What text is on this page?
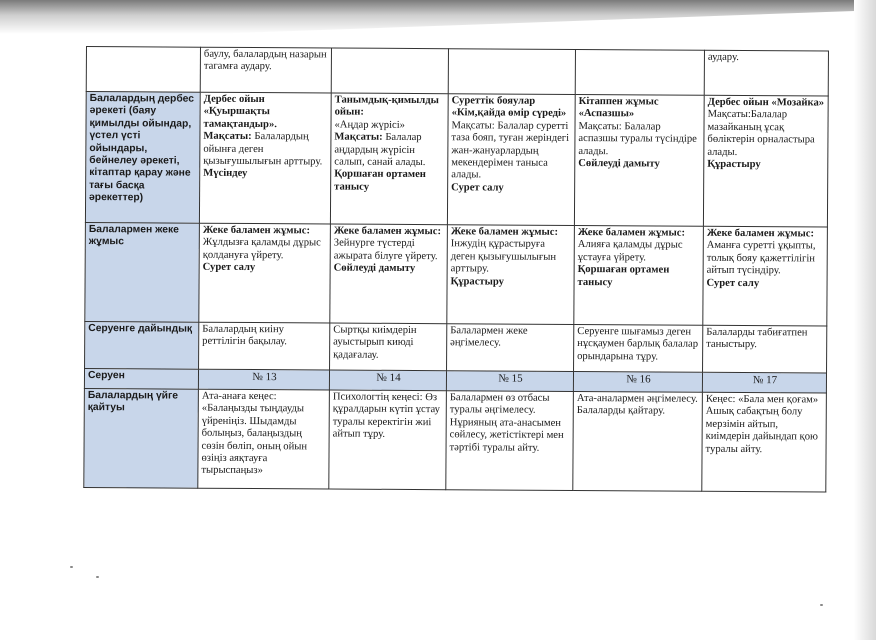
	баулу, балалардың назарын тагамға аудару.				аудару.
Балалардың дербес әрекеті (баяу қимылды ойындар, үстел үсті ойындары, бейнелеу әрекеті, кітаптар қарау және тағы басқа әрекеттер)	Дербес ойын «Қуыршақты тамақтандыр».
Мақсаты: Балалардың ойынға деген қызығушылығын арттыру.
Мүсіндеу	Танымдық-қимылды ойын:
«Аңдар жүрісі»
Мақсаты: Балалар аңдардың жүрісін салып, санай алады.
Қоршаған ортамен танысу	Суреттік бояулар «Кім,қайда өмір сүреді»
Мақсаты: Балалар суретті таза бояп, туған жеріндегі жан-жануарлардың мекендерімен таныса алады.
Сурет салу	Кітаппен жұмыс «Аспазшы»
Мақсаты: Балалар аспазшы туралы түсіндіре алады.
Сөйлеуді дамыту	Дербес ойын «Мозайка»
Мақсаты:Балалар мазайканың ұсақ бөліктерін орналастыра алады.
Құрастыру

Балалармен жеке жұмыс	Жеке баламен жұмыс:
Жұлдызға қаламды дұрыс қолдануға үйрету.
Сурет салу	Жеке баламен жұмыс:
Зейнурге түстерді ажырата білуге үйрету.
Сөйлеуді дамыту	Жеке баламен жұмыс:
Інжудің құрастыруға деген қызығушылығын арттыру.
Құрастыру	Жеке баламен жұмыс:
Алияға қаламды дұрыс ұстауға үйрету.
Қоршаған ортамен танысу	Жеке баламен жұмыс:
Аманға суретті ұқыпты, толық бояу қажеттілігін айтып түсіндіру.
Сурет салу

Серуенге дайындық	Балалардың киіну реттілігін бақылау.	Сыртқы киімдерін ауыстырып киюді қадағалау.	Балалармен жеке әңгімелесу.	Серуенге шығамыз деген нұсқаумен барлық балалар орындарына тұру.	Балаларды табиғатпен таныстыру.
Серуен	№ 13	№ 14	№ 15	№ 16	№ 17
Балалардың үйге қайтуы	Ата-анаға кеңес: «Балаңызды тыңдауды үйреніңіз. Шыдамды болыңыз, балаңыздың сөзін бөліп, оның ойын өзіңіз аяқтауға тырыспаңыз»	Психологтің кеңесі: Өз құралдарын күтіп ұстау туралы керектігін жиі айтып тұру.	Балалармен өз отбасы туралы әңгімелесу. Нұрияның ата-анасымен сөйлесу, жетістіктері мен тәртібі туралы айту.	Ата-аналармен әңгімелесу. Балаларды қайтару.	Кеңес: «Бала мен қоғам» Ашық сабақтың болу мерзімін айтып, киімдерін дайындап қою туралы айту.
